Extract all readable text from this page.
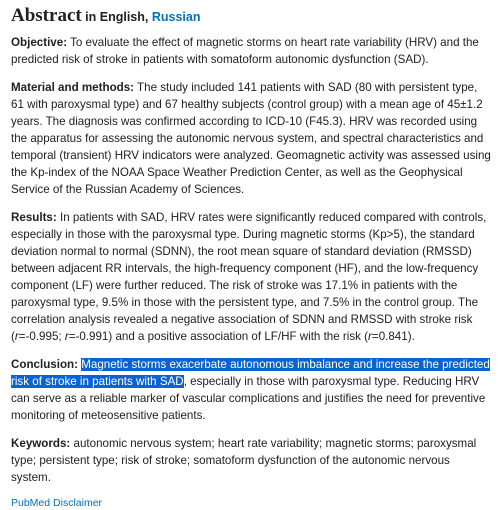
Abstract in English, Russian

Objective: To evaluate the effect of magnetic storms on heart rate variability (HRV) and the predicted risk of stroke in patients with somatoform autonomic dysfunction (SAD).

Material and methods: The study included 141 patients with SAD (80 with persistent type, 61 with paroxysmal type) and 67 healthy subjects (control group) with a mean age of 45±1.2 years. The diagnosis was confirmed according to ICD-10 (F45.3). HRV was recorded using the apparatus for assessing the autonomic nervous system, and spectral characteristics and temporal (transient) HRV indicators were analyzed. Geomagnetic activity was assessed using the Kp-index of the NOAA Space Weather Prediction Center, as well as the Geophysical Service of the Russian Academy of Sciences.

Results: In patients with SAD, HRV rates were significantly reduced compared with controls, especially in those with the paroxysmal type. During magnetic storms (Kp>5), the standard deviation normal to normal (SDNN), the root mean square of standard deviation (RMSSD) between adjacent RR intervals, the high-frequency component (HF), and the low-frequency component (LF) were further reduced. The risk of stroke was 17.1% in patients with the paroxysmal type, 9.5% in those with the persistent type, and 7.5% in the control group. The correlation analysis revealed a negative association of SDNN and RMSSD with stroke risk (r=-0.995; r=-0.991) and a positive association of LF/HF with the risk (r=0.841).

Conclusion: Magnetic storms exacerbate autonomous imbalance and increase the predicted risk of stroke in patients with SAD, especially in those with paroxysmal type. Reducing HRV can serve as a reliable marker of vascular complications and justifies the need for preventive monitoring of meteosensitive patients.

Keywords: autonomic nervous system; heart rate variability; magnetic storms; paroxysmal type; persistent type; risk of stroke; somatoform dysfunction of the autonomic nervous system.

PubMed Disclaimer
